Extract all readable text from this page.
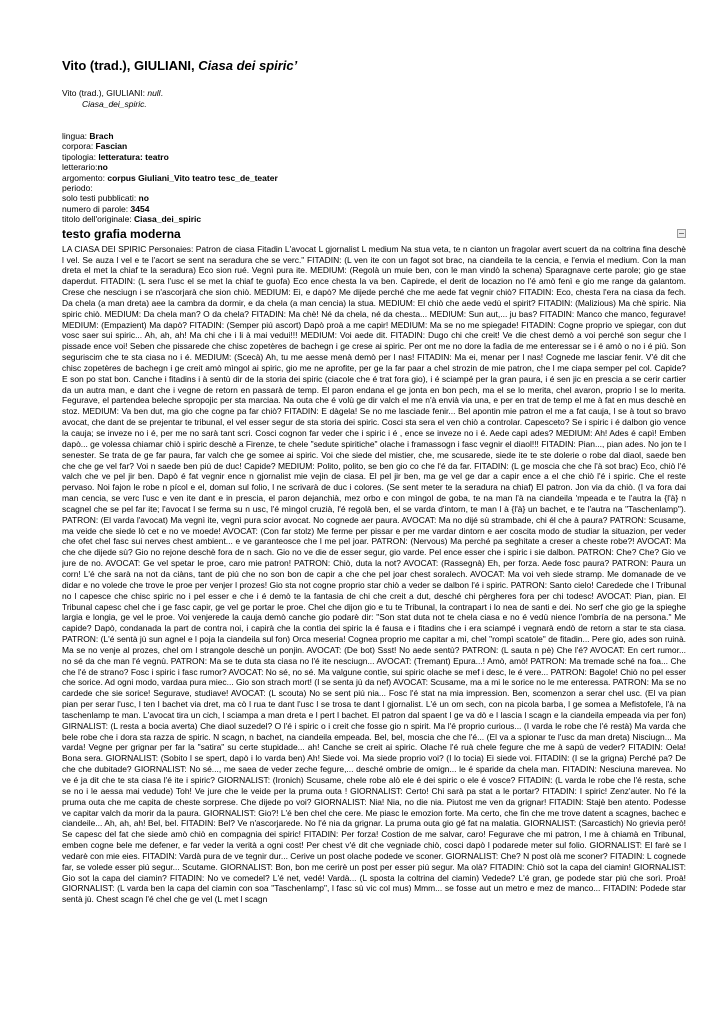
Vito (trad.), GIULIANI, Ciasa dei spiric’
Vito (trad.), GIULIANI: null.
Ciasa_dei_spiric.
lingua: Brach
corpora: Fascian
tipologia: letteratura: teatro
letterario:no
argomento: corpus Giuliani_Vito teatro tesc_de_teater
periodo:
solo testi pubblicati: no
numero di parole: 3454
titolo dell'originale: Ciasa_dei_spiric
testo grafia moderna
LA CIASA DEI SPIRIC Personaies: Patron de ciasa Fitadin L'avocat L gjornalist L medium Na stua veta, te n cianton un fragolar avert scuert da na coltrina fina deschè l vel. Se auza l vel e te l'acort se sent na seradura che se verc." FITADIN: (L ven ite con un fagot sot brac, na ciandeila te la cencia, e l'envia el medium. Con la man dreta el met la chiaf te la seradura) Eco sion rué. Vegnì pura ite. MEDIUM: (Regolà un muie ben, con le man vindò la schena) Sparagnave certe parole; gio ge stae daperdut. FITADIN: (L sera l'usc el se met la chiaf te guofa) Eco ence chesta la va ben. Capirede, el derit de locazion no l'é amò fenì e gio me range da galantom. Crese che nesciugn i se n'ascorjarà che sion chiò. MEDIUM: Ei, e dapò? Me dijede perché che me aede fat vegnir chiò? FITADIN: Eco, chesta l'era na ciasa da fech. Da chela (a man dreta) aee la cambra da dormir, e da chela (a man cencia) la stua. MEDIUM: El chiò che aede vedù el spirit? FITADIN: (Malizious) Ma chè spiric. Nia spiric chiò. MEDIUM: Da chela man? O da chela? FITADIN: Ma chè! Né da chela, né da chesta... MEDIUM: Sun aut,... ju bas? FITADIN: Manco che manco, fegurave! MEDIUM: (Empazient) Ma dapò? FITADIN: (Semper piú ascort) Dapò proà a me capir! MEDIUM: Ma se no me spiegade! FITADIN: Cogne proprio ve spiegar, con dut vosc saer sui spiric... Ah, ah, ah! Ma chi che i li à mai vedui!!! MEDIUM: Voi aede dit. FITADIN: Dugo chi che creit! Ve die chest demò a voi perché son segur che l pissade ence voi! Seben che pissarede che chisc zopetères de bachegn i ge crese ai spiric. Per ont me no dore la fadìa de me enteressar se i é amò o no i é piú. Son seguriscim che te sta ciasa no i é. MEDIUM: (Scecà) Ah, tu me aesse menà demò per l nas! FITADIN: Ma ei, menar per l nas! Cognede me lasciar fenir. V'é dit che chisc zopetères de bachegn i ge creit amò mìngol ai spiric, gio me ne aprofite, per ge la far paar a chel strozin de mie patron, che l me ciapa semper pel col. Capide? E son po stat bon. Canche i fitadins i à sentù dir de la storia dei spiric (ciacole che é trat fora gio), i é sciampé per la gran paura, i é sen jic en prescia a se cerir cartier da un autra man, e dant che i vegne de retorn en passarà de temp. El paron endana el ge jonta en bon pech, ma el se lo merita, chel avaron, proprio l se lo merita. Fegurave, el partendea beleche spropojic per sta marciaa. Na outa che é volù ge dir valch el me n'à envià via una, e per en trat de temp el me à fat en mus deschè en stoz. MEDIUM: Va ben dut, ma gio che cogne pa far chiò? FITADIN: E dàgela! Se no me lasciade fenir... Bel apontin mie patron el me a fat cauja, l se à tout so bravo avocat, che dant de se prejentar te tribunal, el vel esser segur de sta storia dei spiric. Cosci sta sera el ven chiò a controlar. Capesceto? Se i spiric i é dalbon gio vence la cauja; se inveze no i é, per me no sarà tant scri. Cosci cognon far veder che i spiric i é , ence se inveze no i é. Aede capì ades? MEDIUM: Ah! Ades é capì! Emben dapò... ge volessa chiamar chiò i spiric deschè a Firenze, te chele "sedute spiritiche" olache i framassogn i fasc vegnir el diaol!!! FITADIN: Pian..., pian ades. No jon te l senester. Se trata de ge far paura, far valch che ge somee ai spiric. Voi che siede del mistier, che, me scusarede, siede ite te ste dolerie o robe dal diaol, saede ben che che ge vel far? Voi n saede ben piú de duc! Capide? MEDIUM: Polito, polito, se ben gio co che l'é da far. FITADIN: (L ge moscia che che l'à sot brac) Eco, chiò l'é valch che ve pel jir ben. Dapò é fat vegnir ence n gjornalist mie vejin de ciasa. El pel jir ben, ma ge vel ge dar a capir ence a el che chiò l'é i spiric. Che el reste pervaso. Noi fajon le robe n pícol e el, doman sul folio, l ne scrivarà de duc i colores. (Se sent meter te la seradura na chiaf) El patron. Jon via da chiò. (I va fora dai man cencia, se verc l'usc e ven ite dant e in prescia, el paron dejanchià, mez orbo e con mìngol de goba, te na man l'à na ciandeila 'mpeada e te l'autra la {l'à} n scagnel che se pel far ite; l'avocat l se ferma su n usc, l'é mìngol cruzià, l'é regolà ben, el se varda d'intorn, te man l à {l'à} un bachet, e te l'autra na "Taschenlamp"). PATRON: (El varda l'avocat) Ma vegnì ite, vegnì pura scior avocat. No cognede aer paura. AVOCAT: Ma no dijé sù strambade, chi él che à paura? PATRON: Scusame, ma veide che siede lò cet e no ve moede! AVOCAT: (Con far stolz) Me ferme per pissar e per me vardar dintorn e aer coscita modo de studiar la situazion, per veder che ofet chel fasc sui nerves chest ambient... e ve garanteosce che l me pel joar. PATRON: (Nervous) Ma perché pa seghitate a creser a cheste robe?! AVOCAT: Ma che che dijede sù? Gio no rejone deschè fora de n sach. Gio no ve die de esser segur, gio varde. Pel ence esser che i spiric i sie dalbon. PATRON: Che? Che? Gio ve jure de no. AVOCAT: Ge vel spetar le proe, caro mie patron! PATRON: Chiò, duta la not? AVOCAT: (Rassegnà) Eh, per forza. Aede fosc paura? PATRON: Paura un corn! L'é che sarà na not da ciàns, tant de piú che no son bon de capir a che che pel joar chest soralech. AVOCAT: Ma voi veh siede stramp. Me domanade de ve didar e no volede che trove le proe per venjer l prozes! Gio sta not cogne proprio star chiò a veder se dalbon l'é i spiric. PATRON: Santo cielo! Caredede che l Tribunal no l capesce che chisc spiric no i pel esser e che i é demò te la fantasia de chi che creit a dut, desché chi pèrgheres fora per chi todesc! AVOCAT: Pian, pian. El Tribunal capesc chel che i ge fasc capir, ge vel ge portar le proe. Chel che dijon gio e tu te Tribunal, la contrapart i lo nea de santi e dei. No serf che gio ge la spieghe largia e longia, ge vel le proe. Voi venjerede la cauja demò canche gio podarè dir: "Son stat duta not te chela ciasa e no é vedù nience l'ombría de na persona." Me capide? Dapò, condanada la part de contra noi, i capirà che la contìa dei spiric la é fausa e i fitadins che i era sciampé i vegnarà endò de retorn a star te sta ciasa. PATRON: (L'é sentà jù sun agnel e l poja la ciandeila sul fon) Orca meseria! Cognea proprio me capitar a mi, chel "rompì scatole" de fitadin... Pere gio, ades son ruinà. Ma se no venje al prozes, chel om l strangole deschè un ponjin. AVOCAT: (De bot) Ssst! No aede sentù? PATRON: (L sauta n pè) Che l'é? AVOCAT: En cert rumor... no sé da che man l'é vegnù. PATRON: Ma se te duta sta ciasa no l'é ite nesciugn... AVOCAT: (Tremant) Epura...! Amò, amò! PATRON: Ma tremade sché na foa... Che che l'é de strano? Fosc i spiric i fasc rumor? AVOCAT: No sé, no sé. Ma valgune contìe, sui spiric olache se mef i desc, le é vere... PATRON: Bagole! Chiò no pel esser che sorice. Ad ogni modo, vardaa pura miec... Gio son strach mort! (I se senta jù da nef) AVOCAT: Scusame, ma a mi le sorice no le me enteressa. PATRON: Ma se no cardede che sie sorice! Segurave, studiave! AVOCAT: (L scouta) No se sent piú nia... Fosc l'é stat na mia impression. Ben, scomenzon a serar chel usc. (El va pian pian per serar l'usc, l ten l bachet via dret, ma cò l rua te dant l'usc l se trosa te dant l gjornalist. L'é un om sech, con na picola barba, l ge somea a Mefistofele, l'à na taschenlamp te man. L'avocat tira un cich, l sciampa a man dreta e l pert l bachet. El patron dal spaent l ge va dò e l lascia l scagn e la ciandeila empeada via per fon) GIRNALIST: (L resta a bocia averta) Che diaol suzedel? O l'é i spiric o i creit che fosse gio n spirit. Ma l'é proprio curious... (I varda le robe che l'é restà) Ma varda che bele robe che i dora sta razza de spiric. N scagn, n bachet, na ciandeila empeada. Bel, bel, moscia che che l'é... (El va a spionar te l'usc da man dreta) Nisciugn... Ma varda! Vegne per grignar per far la "satira" su certe stupidade... ah! Canche se creit ai spiric. Olache l'é ruà chele fegure che me à sapù de veder? FITADIN: Oela! Bona sera. GIORNALIST: (Sobito l se spert, dapò i lo varda ben) Ah! Siede voi. Ma siede proprio voi? (I lo tocia) Ei siede voi. FITADIN: (I se la grigna) Perché pa? De che che dubitade? GIORNALIST: No sé..., me saea de veder zeche fegure,... desché ombrie de omign... le é sparide da chela man. FITADIN: Nesciuna marevea. No ve é ja dit che te sta ciasa l'é ite i spiric? GIORNALIST: (Ironich) Scusame, chele robe alò ele é dei spiric o ele é vosce? FITADIN: (L varda le robe che l'é resta, sche se no i le aessa mai vedude) Toh! Ve jure che le veide per la pruma outa ! GIORNALIST: Certo! Chi sarà pa stat a le portar? FITADIN: I spiric! Zenz'auter. No l'é la pruma outa che me capita de cheste sorprese. Che dijede po voi? GIORNALIST: Nia! Nia, no die nia. Piutost me ven da grignar! FITADIN: Stajè ben atento. Podesse ve capitar valch da morir da la paura. GIORNALIST: Gio?! L'é ben chel che cere. Me piasc le emozion forte. Ma certo, che fin che me trove datent a scagnes, bachec e ciandeile... Ah, ah, ah! Bel, bel. FITADIN: Bel? Ve n'ascorjarede. No l'é nia da grignar. La pruma outa gio gé fat na malatia. GIORNALIST: (Sarcastich) No grievia però! Se capesc del fat che siede amò chiò en compagnia dei spiric! FITADIN: Per forza! Costion de me salvar, caro! Fegurave che mi patron, l me à chiamà en Tribunal, emben cogne bele me defener, e far veder la verità a ogni cost! Per chest v'é dit che vegniade chiò, cosci dapò l podarede meter sul folio. GIORNALIST: El farè se l vedarè con mie eies. FITADIN: Vardà pura de ve tegnir dur... Cerive un post olache podede ve sconer. GIORNALIST: Che? N post olà me sconer? FITADIN: L cognede far, se volede esser piú segur... Scutame. GIORNALIST: Bon, bon me cerirè un post per esser piú segur. Ma olà? FITADIN: Chiò sot la capa del ciamin! GIORNALIST: Gio sot la capa del ciamin? FITADIN: No ve comedel? L'é net, vedé! Vardà... (L sposta la coltrina del ciamin) Vedede? L'é gran, ge podede star piú che sorì. Proà! GIORNALIST: (L varda ben la capa del ciamin con soa "Taschenlamp", l fasc sù vic col mus) Mmm... se fosse aut un metro e mez de manco... FITADIN: Podede star sentà jù. Chest scagn l'é chel che ge vel (L met l scagn
